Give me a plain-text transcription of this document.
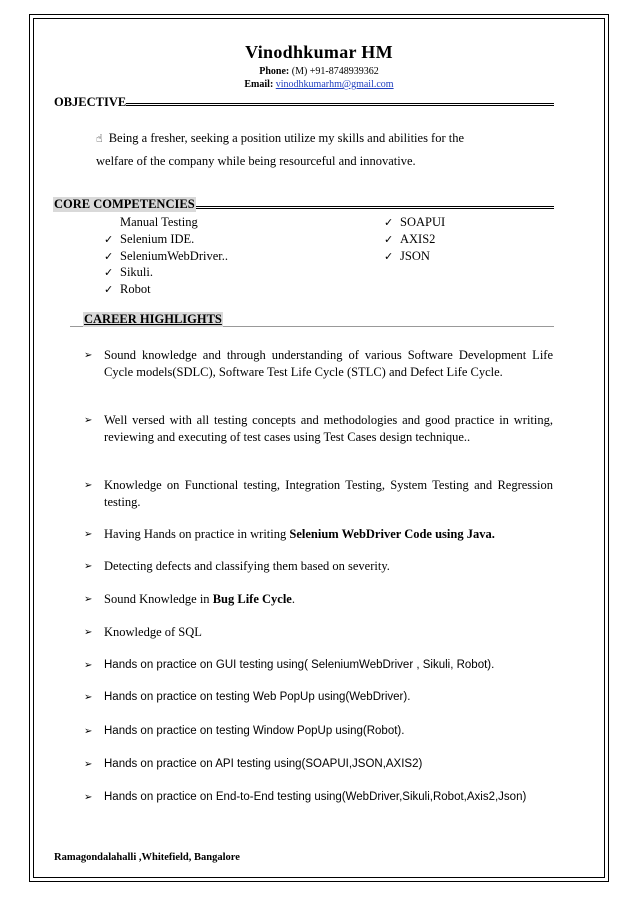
Vinodhkumar HM
Phone: (M) +91-8748939362
Email: vinodhkumarhm@gmail.com
OBJECTIVE
☝ Being a fresher, seeking a position utilize my skills and abilities for the
welfare of the company while being resourceful and innovative.
CORE COMPETENCIES
Manual Testing
✓ Selenium IDE.
✓ SeleniumWebDriver..
✓ Sikuli.
✓ Robot
✓ SOAPUI
✓ AXIS2
✓ JSON
CAREER HIGHLIGHTS
➢ Sound knowledge and through understanding of various Software Development Life Cycle models(SDLC), Software Test Life Cycle (STLC) and Defect Life Cycle.
➢ Well versed with all testing concepts and methodologies and good practice in writing, reviewing and executing of test cases using Test Cases design technique..
➢ Knowledge on Functional testing, Integration Testing, System Testing and Regression testing.
➢ Having Hands on practice in writing Selenium WebDriver Code using Java.
➢ Detecting defects and classifying them based on severity.
➢ Sound Knowledge in Bug Life Cycle.
➢ Knowledge of SQL
➢ Hands on practice on GUI testing using( SeleniumWebDriver , Sikuli, Robot).
➢ Hands on practice on testing Web PopUp using(WebDriver).
➢ Hands on practice on testing Window PopUp using(Robot).
➢ Hands on practice on API testing using(SOAPUI,JSON,AXIS2)
➢ Hands on practice on End-to-End testing using(WebDriver,Sikuli,Robot,Axis2,Json)
Ramagondalahalli ,Whitefield, Bangalore
